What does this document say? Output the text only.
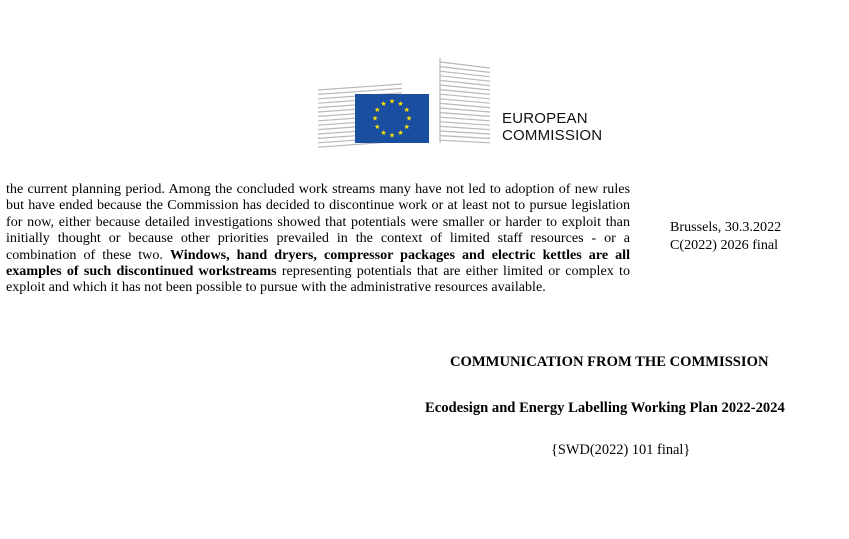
★ ★
★
★
★
★
★
★
★
★
★
★
EUROPEAN
COMMISSION

the current planning period. Among the concluded work streams many have not led to adoption of new rules but have ended because the Commission has decided to discontinue work or at least not to pursue legislation for now, either because detailed investigations showed that potentials were smaller or harder to exploit than initially thought or because other priorities prevailed in the context of limited staff resources - or a combination of these two. Windows, hand dryers, compressor packages and electric kettles are all examples of such discontinued workstreams representing potentials that are either limited or complex to exploit and which it has not been possible to pursue with the administrative resources available.

Brussels, 30.3.2022
C(2022) 2026 final
COMMUNICATION FROM THE COMMISSION
Ecodesign and Energy Labelling Working Plan 2022-2024
{SWD(2022) 101 final}
